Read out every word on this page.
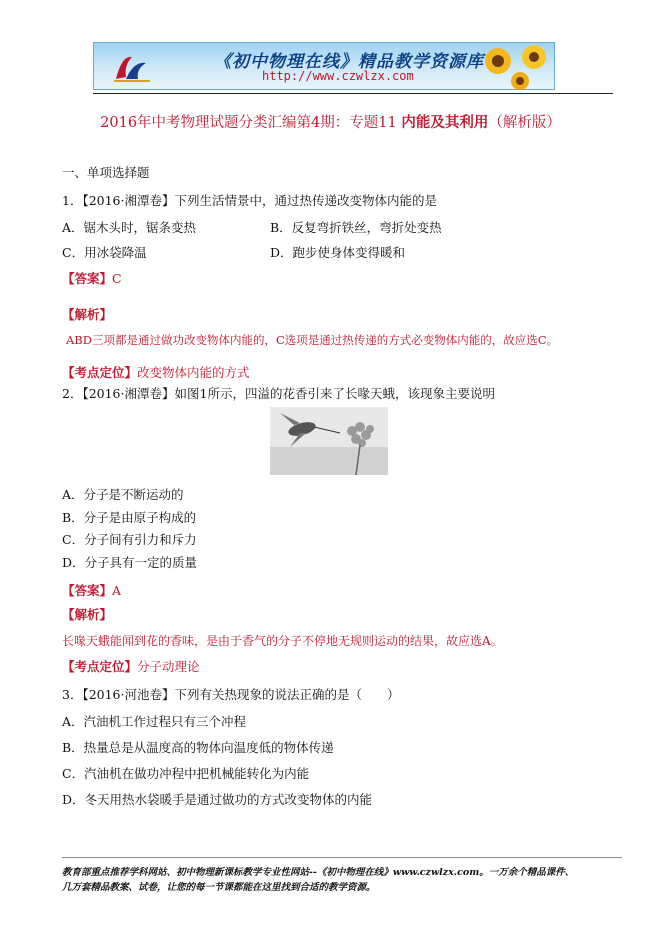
《初中物理在线》精品教学资源库
http://www.czwlzx.com
2016年中考物理试题分类汇编第4期：专题11 内能及其利用（解析版）
一、单项选择题
1．【2016·湘潭卷】下列生活情景中，通过热传递改变物体内能的是
A．锯木头时，锯条变热	B．反复弯折铁丝，弯折处变热
C．用冰袋降温	D．跑步使身体变得暖和
【答案】C
【解析】
ABD三项都是通过做功改变物体内能的，C选项是通过热传递的方式必变物体内能的，故应选C。
【考点定位】改变物体内能的方式
2．【2016·湘潭卷】如图1所示，四溢的花香引来了长喙天蛾，该现象主要说明
A．分子是不断运动的
B．分子是由原子构成的
C．分子间有引力和斥力
D．分子具有一定的质量
【答案】A
【解析】
长喙天蛾能闻到花的香味，是由于香气的分子不停地无规则运动的结果，故应选A。
【考点定位】分子动理论
3．【2016·河池卷】下列有关热现象的说法正确的是（　　）
A．汽油机工作过程只有三个冲程
B．热量总是从温度高的物体向温度低的物体传递
C．汽油机在做功冲程中把机械能转化为内能
D．冬天用热水袋暖手是通过做功的方式改变物体的内能
教育部重点推荐学科网站、初中物理新课标教学专业性网站--《初中物理在线》www.czwlzx.com。一万余个精品课件、
几万套精品教案、试卷，让您的每一节课都能在这里找到合适的教学资源。
